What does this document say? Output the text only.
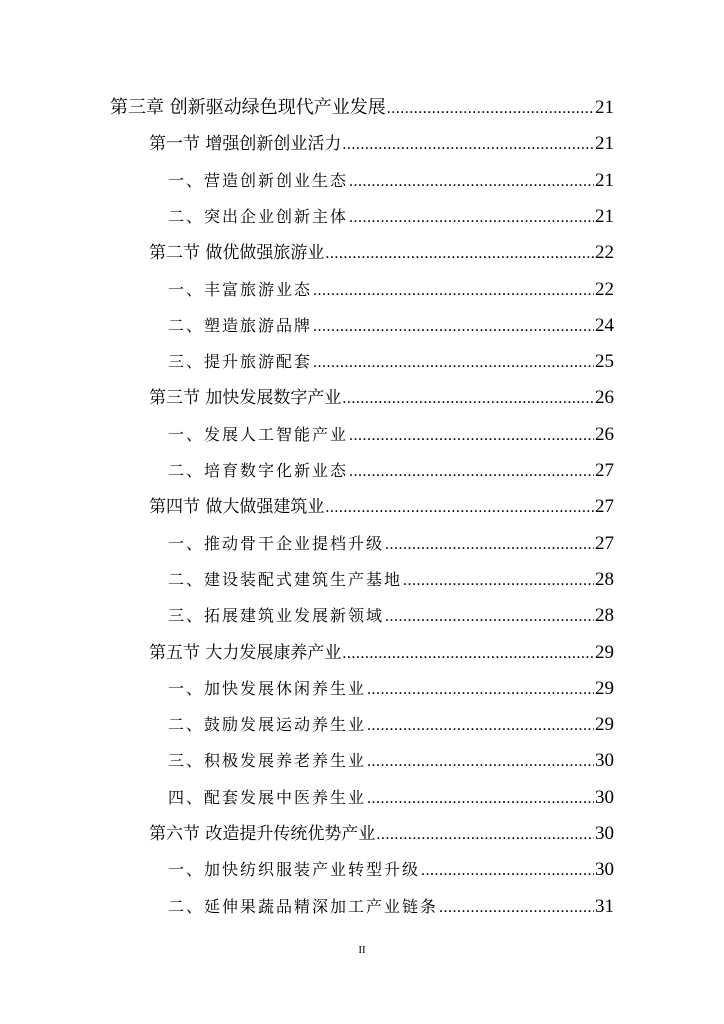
第三章 创新驱动绿色现代产业发展 .....	21
第一节 增强创新创业活力 .....	21
一、营造创新创业生态 .....	21
二、突出企业创新主体 .....	21
第二节 做优做强旅游业 .....	22
一、丰富旅游业态 .....	22
二、塑造旅游品牌 .....	24
三、提升旅游配套 .....	25
第三节 加快发展数字产业 .....	26
一、发展人工智能产业 .....	26
二、培育数字化新业态 .....	27
第四节 做大做强建筑业 .....	27
一、推动骨干企业提档升级 .....	27
二、建设装配式建筑生产基地 .....	28
三、拓展建筑业发展新领域 .....	28
第五节 大力发展康养产业 .....	29
一、加快发展休闲养生业 .....	29
二、鼓励发展运动养生业 .....	29
三、积极发展养老养生业 .....	30
四、配套发展中医养生业 .....	30
第六节 改造提升传统优势产业 .....	30
一、加快纺织服装产业转型升级 .....	30
二、延伸果蔬品精深加工产业链条 .....	31
II
